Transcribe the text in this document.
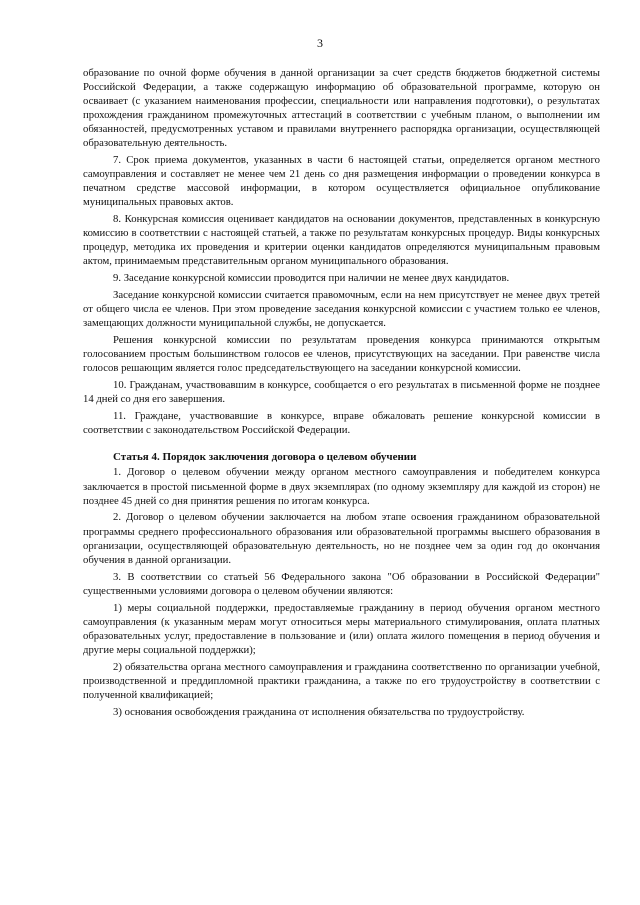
3

образование по очной форме обучения в данной организации за счет средств бюджетов бюджетной системы Российской Федерации, а также содержащую информацию об образовательной программе, которую он осваивает (с указанием наименования профессии, специальности или направления подготовки), о результатах прохождения гражданином промежуточных аттестаций в соответствии с учебным планом, о выполнении им обязанностей, предусмотренных уставом и правилами внутреннего распорядка организации, осуществляющей образовательную деятельность.

7. Срок приема документов, указанных в части 6 настоящей статьи, определяется органом местного самоуправления и составляет не менее чем 21 день со дня размещения информации о проведении конкурса в печатном средстве массовой информации, в котором осуществляется официальное опубликование муниципальных правовых актов.

8. Конкурсная комиссия оценивает кандидатов на основании документов, представленных в конкурсную комиссию в соответствии с настоящей статьей, а также по результатам конкурсных процедур. Виды конкурсных процедур, методика их проведения и критерии оценки кандидатов определяются муниципальным правовым актом, принимаемым представительным органом муниципального образования.

9. Заседание конкурсной комиссии проводится при наличии не менее двух кандидатов.

Заседание конкурсной комиссии считается правомочным, если на нем присутствует не менее двух третей от общего числа ее членов. При этом проведение заседания конкурсной комиссии с участием только ее членов, замещающих должности муниципальной службы, не допускается.

Решения конкурсной комиссии по результатам проведения конкурса принимаются открытым голосованием простым большинством голосов ее членов, присутствующих на заседании. При равенстве числа голосов решающим является голос председательствующего на заседании конкурсной комиссии.

10. Гражданам, участвовавшим в конкурсе, сообщается о его результатах в письменной форме не позднее 14 дней со дня его завершения.

11. Граждане, участвовавшие в конкурсе, вправе обжаловать решение конкурсной комиссии в соответствии с законодательством Российской Федерации.

Статья 4. Порядок заключения договора о целевом обучении

1. Договор о целевом обучении между органом местного самоуправления и победителем конкурса заключается в простой письменной форме в двух экземплярах (по одному экземпляру для каждой из сторон) не позднее 45 дней со дня принятия решения по итогам конкурса.

2. Договор о целевом обучении заключается на любом этапе освоения гражданином образовательной программы среднего профессионального образования или образовательной программы высшего образования в организации, осуществляющей образовательную деятельность, но не позднее чем за один год до окончания обучения в данной организации.

3. В соответствии со статьей 56 Федерального закона "Об образовании в Российской Федерации" существенными условиями договора о целевом обучении являются:

1) меры социальной поддержки, предоставляемые гражданину в период обучения органом местного самоуправления (к указанным мерам могут относиться меры материального стимулирования, оплата платных образовательных услуг, предоставление в пользование и (или) оплата жилого помещения в период обучения и другие меры социальной поддержки);

2) обязательства органа местного самоуправления и гражданина соответственно по организации учебной, производственной и преддипломной практики гражданина, а также по его трудоустройству в соответствии с полученной квалификацией;

3) основания освобождения гражданина от исполнения обязательства по трудоустройству.
